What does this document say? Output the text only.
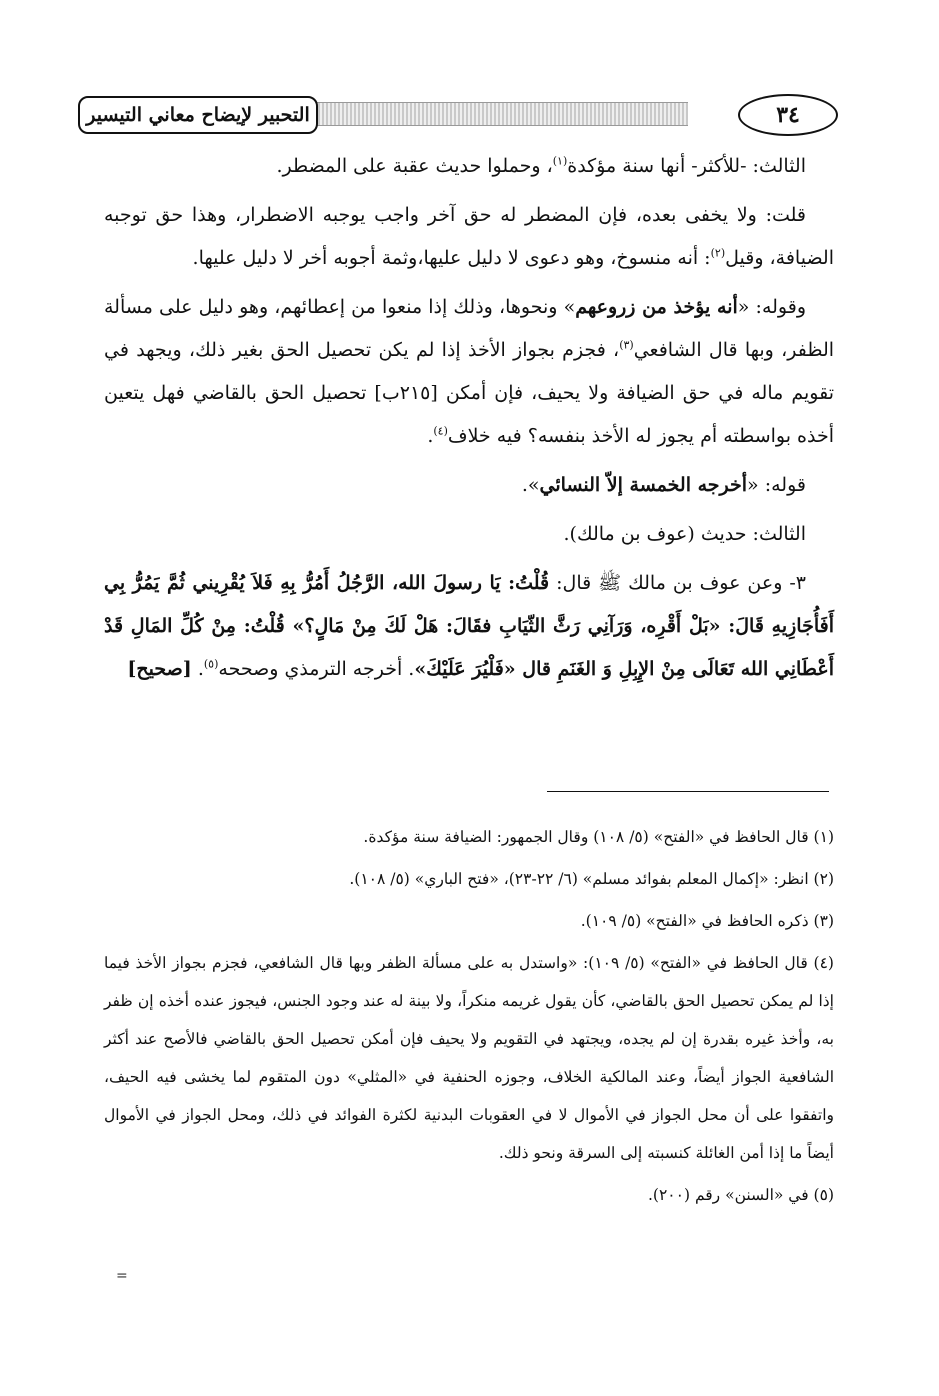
التحبير لإيضاح معاني التيسير	٣٤

الثالث: -للأكثر- أنها سنة مؤكدة$^{(١)}$، وحملوا حديث عقبة على المضطر.

قلت: ولا يخفى بعده، فإن المضطر له حق آخر واجب يوجبه الاضطرار، وهذا حق توجبه الضيافة، وقيل$^{(٢)}$: أنه منسوخ، وهو دعوى لا دليل عليها،وثمة أجوبه أخر لا دليل عليها.

وقوله: «أنه يؤخذ من زروعهم» ونحوها، وذلك إذا منعوا من إعطائهم، وهو دليل على مسألة الظفر، وبها قال الشافعي$^{(٣)}$، فجزم بجواز الأخذ إذا لم يكن تحصيل الحق بغير ذلك، ويجهد في تقويم ماله في حق الضيافة ولا يحيف، فإن أمكن [٢١٥ب] تحصيل الحق بالقاضي فهل يتعين أخذه بواسطته أم يجوز له الأخذ بنفسه؟ فيه خلاف$^{(٤)}$.

قوله: «أخرجه الخمسة إلاّ النسائي».

الثالث: حديث (عوف بن مالك).

٣- وعن عوف بن مالك ﷺ قال: قُلْتُ: يَا رسولَ الله، الرَّجُلُ أَمُرُّ بِهِ فَلاَ يُقْرِيني ثُمَّ يَمُرُّ بِي أَفَأُجَازِيهِ قَالَ: «بَلْ أَقْرِه، وَرَآنِي رَثَّ الثّيَابِ فقَالَ: هَلْ لَكَ مِنْ مَالٍ؟» قُلْتُ: مِنْ كُلِّ المَالِ قَدْ أَعْطَانِي الله تَعَالَى مِنْ الإِبِلِ وَ الغَنَمِ قال «فَلْيُرَ عَلَيْكَ». أخرجه الترمذي وصححه$^{(٥)}$. [صحيح]

(١) قال الحافظ في «الفتح» (٥/ ١٠٨) وقال الجمهور: الضيافة سنة مؤكدة.

(٢) انظر: «إكمال المعلم بفوائد مسلم» (٦/ ٢٢-٢٣)، «فتح الباري» (٥/ ١٠٨).

(٣) ذكره الحافظ في «الفتح» (٥/ ١٠٩).

(٤) قال الحافظ في «الفتح» (٥/ ١٠٩): «واستدل به على مسألة الظفر وبها قال الشافعي، فجزم بجواز الأخذ فيما إذا لم يمكن تحصيل الحق بالقاضي، كأن يقول غريمه منكراً، ولا بينة له عند وجود الجنس، فيجوز عنده أخذه إن ظفر به، وأخذ غيره بقدرة إن لم يجده، ويجتهد في التقويم ولا يحيف فإن أمكن تحصيل الحق بالقاضي فالأصح عند أكثر الشافعية الجواز أيضاً، وعند المالكية الخلاف، وجوزه الحنفية في «المثلي» دون المتقوم لما يخشى فيه الحيف، واتفقوا على أن محل الجواز في الأموال لا في العقوبات البدنية لكثرة الفوائد في ذلك، ومحل الجواز في الأموال أيضاً ما إذا أمن الغائلة كنسبته إلى السرقة ونحو ذلك.

(٥) في «السنن» رقم (٢٠٠).

=
